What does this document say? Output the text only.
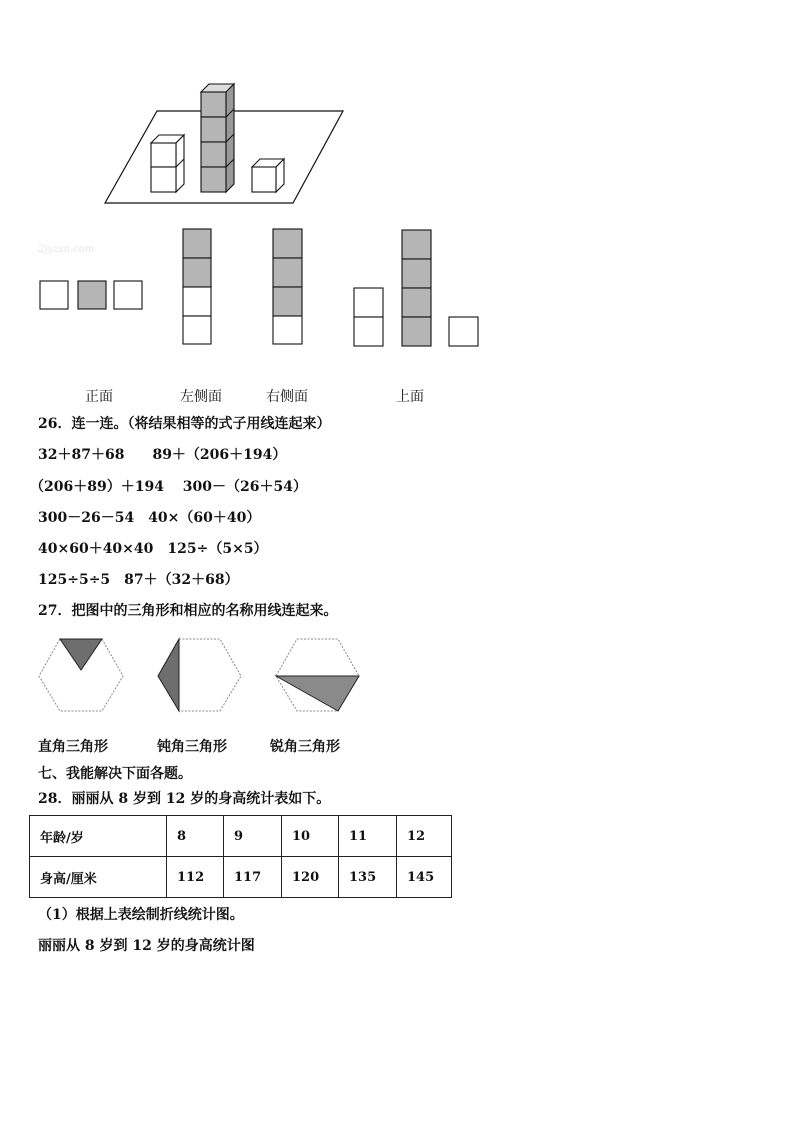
2jyzsn.com
正面	左侧面	右侧面	上面
26．连一连。（将结果相等的式子用线连起来）
32＋87＋68　　89＋（206＋194）
（206＋89）＋194　 300－（26＋54）
300－26－54　40×（60＋40）
40×60＋40×40　125÷（5×5）
125÷5÷5　87＋（32＋68）
27．把图中的三角形和相应的名称用线连起来。
直角三角形	钝角三角形	锐角三角形
七、我能解决下面各题。
28．丽丽从 8 岁到 12 岁的身高统计表如下。
年龄/岁	8	9	10	11	12
身高/厘米	112	117	120	135	145
（1）根据上表绘制折线统计图。
丽丽从 8 岁到 12 岁的身高统计图
